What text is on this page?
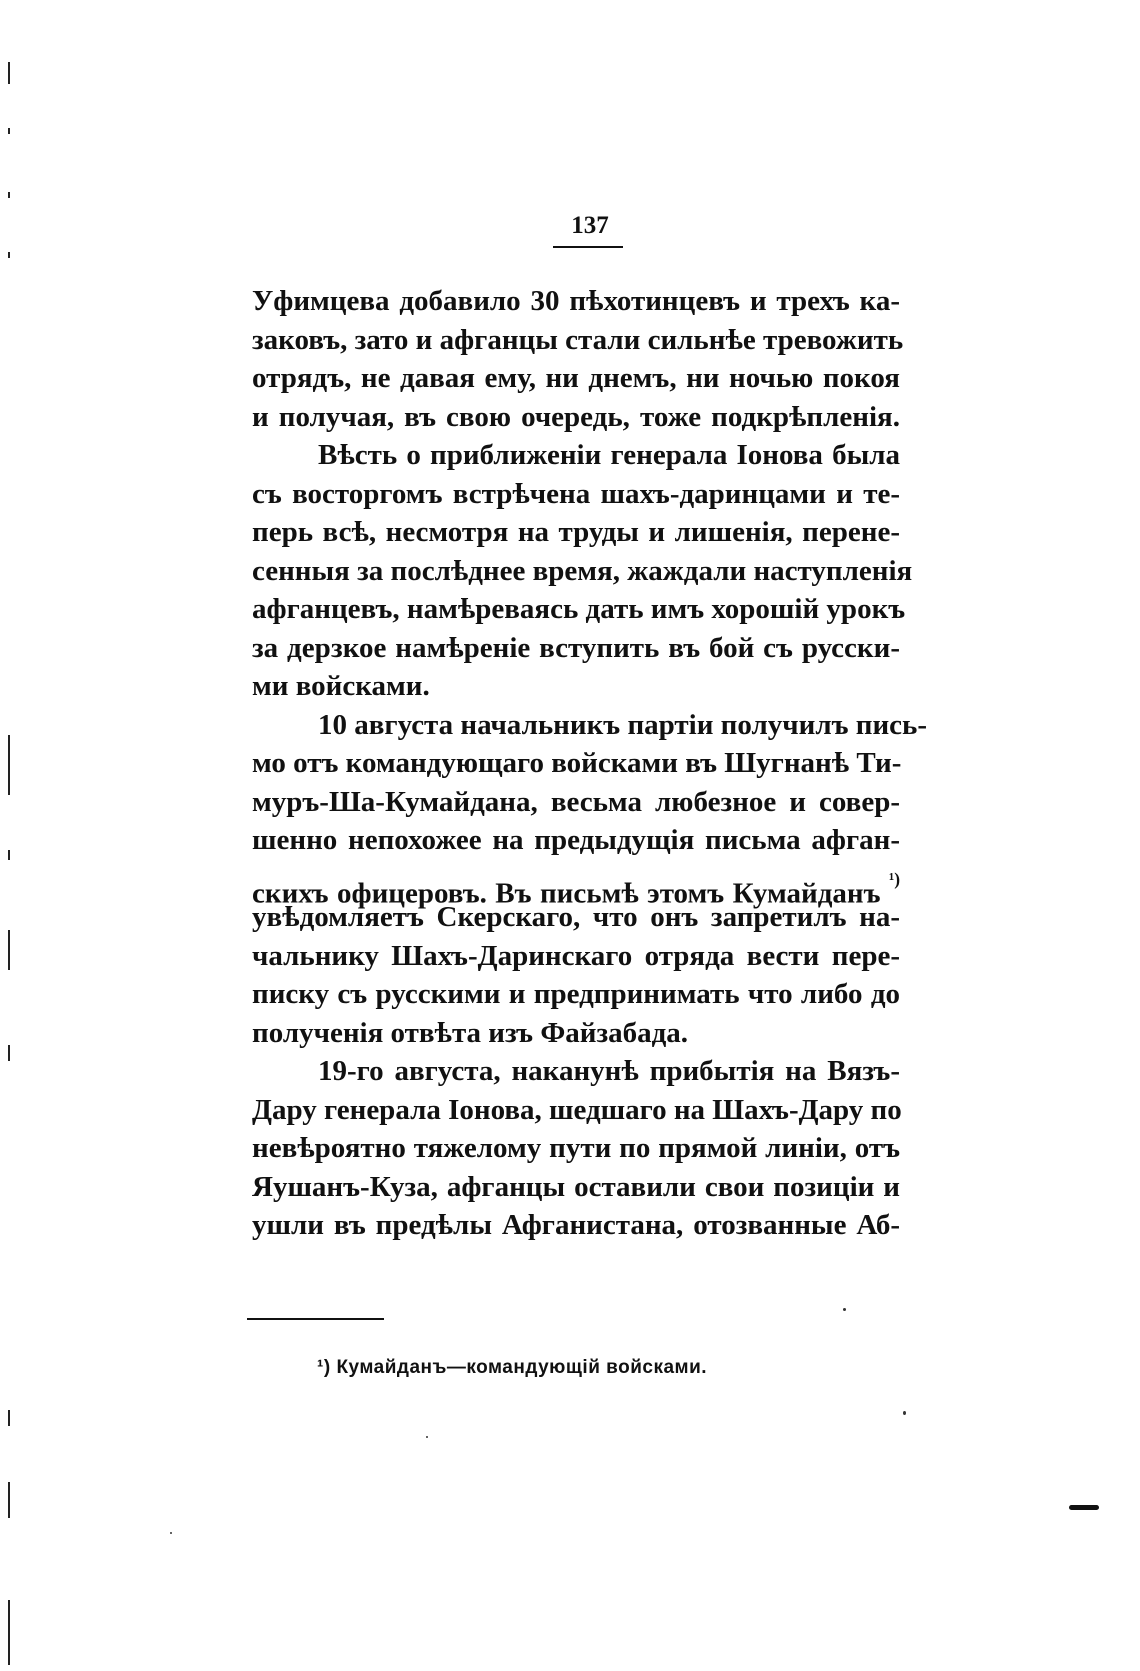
137
Уфимцева добавило 30 пѣхотинцевъ и трехъ ка-
заковъ, зато и афганцы стали сильнѣе тревожить
отрядъ, не давая ему, ни днемъ, ни ночью покоя
и получая, въ свою очередь, тоже подкрѣпленія.
Вѣсть о приближеніи генерала Іонова была
съ восторгомъ встрѣчена шахъ-даринцами и те-
перь всѣ, несмотря на труды и лишенія, перене-
сенныя за послѣднее время, жаждали наступленія
афганцевъ, намѣреваясь дать имъ хорошій урокъ
за дерзкое намѣреніе вступить въ бой съ русски-
ми войсками.
10 августа начальникъ партіи получилъ пись-
мо отъ командующаго войсками въ Шугнанѣ Ти-
муръ-Ша-Кумайдана, весьма любезное и совер-
шенно непохожее на предыдущія письма афган-
скихъ офицеровъ. Въ письмѣ этомъ Кумайданъ $^{^1)}$
увѣдомляетъ Скерскаго, что онъ запретилъ на-
чальнику Шахъ-Даринскаго отряда вести пере-
писку съ русскими и предпринимать что либо до
полученія отвѣта изъ Файзабада.
19-го августа, наканунѣ прибытія на Вязъ-
Дару генерала Іонова, шедшаго на Шахъ-Дару по
невѣроятно тяжелому пути по прямой линіи, отъ
Яушанъ-Куза, афганцы оставили свои позиціи и
ушли въ предѣлы Афганистана, отозванные Аб-
¹) Кумайданъ—командующій войсками.
